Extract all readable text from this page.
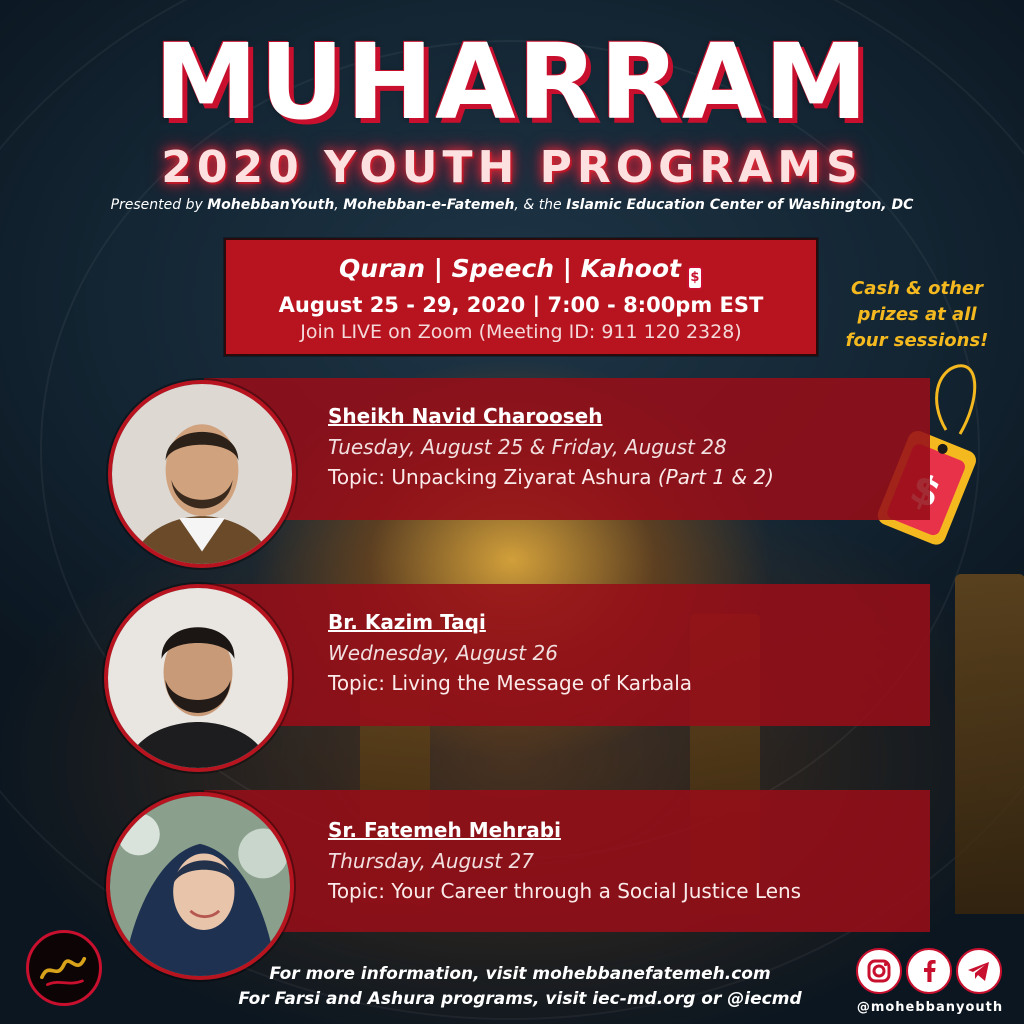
MUHARRAM
2020 YOUTH PROGRAMS
Presented by MohebbanYouth, Mohebban-e-Fatemeh, & the Islamic Education Center of Washington, DC
Quran | Speech | Kahoot $
August 25 - 29, 2020 | 7:00 - 8:00pm EST
Join LIVE on Zoom (Meeting ID: 911 120 2328)
Cash & other
prizes at all
four sessions!
Sheikh Navid Charooseh
Tuesday, August 25 & Friday, August 28
Topic: Unpacking Ziyarat Ashura (Part 1 & 2)
Br. Kazim Taqi
Wednesday, August 26
Topic: Living the Message of Karbala
Sr. Fatemeh Mehrabi
Thursday, August 27
Topic: Your Career through a Social Justice Lens
For more information, visit mohebbanefatemeh.com
For Farsi and Ashura programs, visit iec-md.org or @iecmd	@mohebbanyouth
